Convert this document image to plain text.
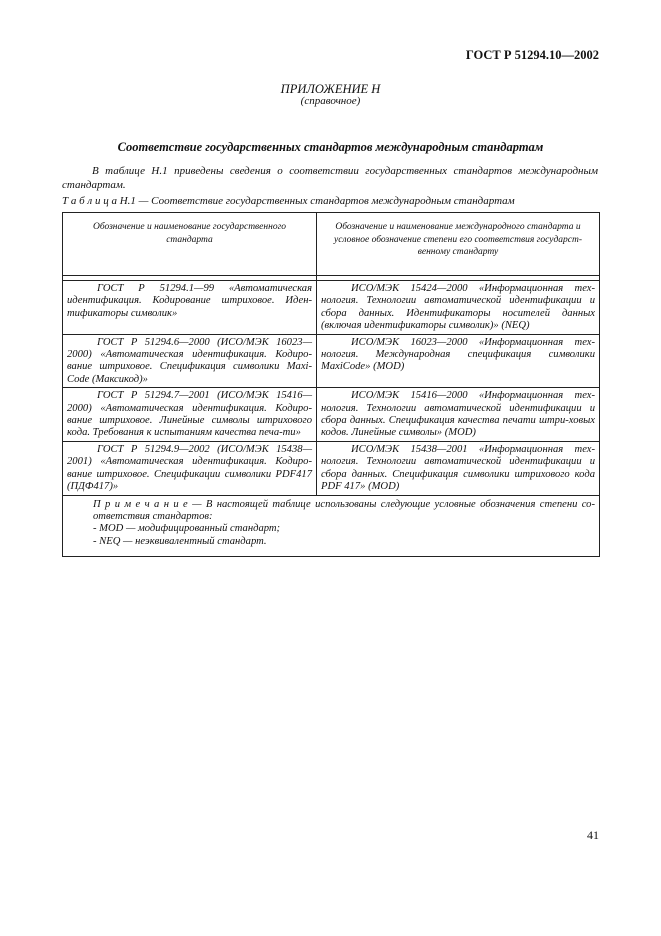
ГОСТ Р 51294.10—2002
ПРИЛОЖЕНИЕ Н
(справочное)
Соответствие государственных стандартов международным стандартам

В таблице Н.1 приведены сведения о соответствии государственных стандартов международным стандартам.

Т а б л и ц а Н.1 — Соответствие государственных стандартов международным стандартам
Обозначение и наименование государственного стандарта	Обозначение и наименование международного стандарта и условное обозначение степени его соответствия государст-венному стандарту

ГОСТ Р 51294.1—99 «Автоматическая идентификация. Кодирование штриховое. Иден-тификаторы символик»	ИСО/МЭК 15424—2000 «Информационная тех-нология. Технологии автоматической идентификации и сбора данных. Идентификаторы носителей данных (включая идентификаторы символик)» (NEQ)
ГОСТ Р 51294.6—2000 (ИСО/МЭК 16023—2000) «Автоматическая идентификация. Кодиро-вание штриховое. Спецификация символики Maxi-Code (Максикод)»	ИСО/МЭК 16023—2000 «Информационная тех-нология. Международная спецификация символики MaxiCode» (MOD)
ГОСТ Р 51294.7—2001 (ИСО/МЭК 15416—2000) «Автоматическая идентификация. Кодиро-вание штриховое. Линейные символы штрихового кода. Требования к испытаниям качества печа-ти»	ИСО/МЭК 15416—2000 «Информационная тех-нология. Технологии автоматической идентификации и сбора данных. Спецификация качества печати штри-ховых кодов. Линейные символы» (MOD)
ГОСТ Р 51294.9—2002 (ИСО/МЭК 15438—2001) «Автоматическая идентификация. Кодиро-вание штриховое. Спецификации символики PDF417 (ПДФ417)»	ИСО/МЭК 15438—2001 «Информационная тех-нология. Технологии автоматической идентификации и сбора данных. Спецификация символики штрихового кода PDF 417» (MOD)
П р и м е ч а н и е — В настоящей таблице использованы следующие условные обозначения степени со-ответствия стандартов:
- MOD — модифицированный стандарт;
- NEQ — неэквивалентный стандарт.	
41
